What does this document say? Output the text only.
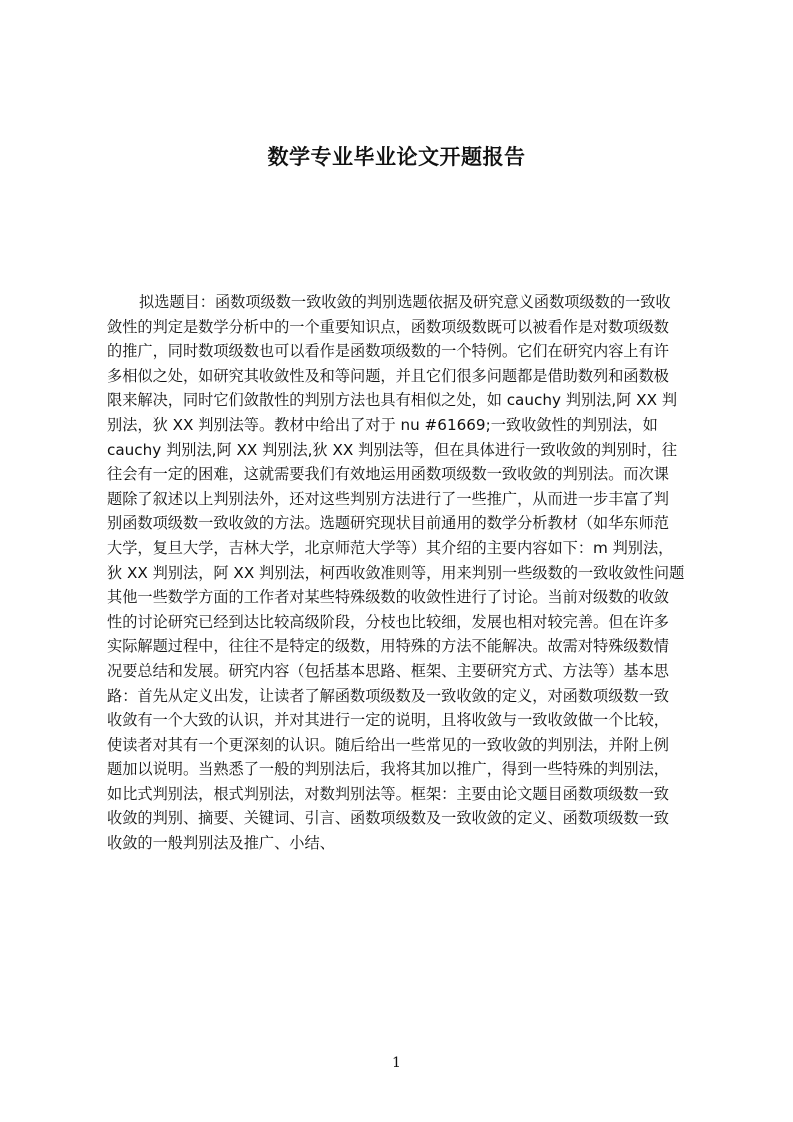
数学专业毕业论文开题报告
拟选题目：函数项级数一致收敛的判别选题依据及研究意义函数项级数的一致收
敛性的判定是数学分析中的一个重要知识点，函数项级数既可以被看作是对数项级数
的推广，同时数项级数也可以看作是函数项级数的一个特例。它们在研究内容上有许
多相似之处，如研究其收敛性及和等问题，并且它们很多问题都是借助数列和函数极
限来解决，同时它们敛散性的判别方法也具有相似之处，如 cauchy 判别法,阿 XX 判
别法，狄 XX 判别法等。教材中给出了对于 nu #61669;一致收敛性的判别法，如
cauchy 判别法,阿 XX 判别法,狄 XX 判别法等，但在具体进行一致收敛的判别时，往
往会有一定的困难，这就需要我们有效地运用函数项级数一致收敛的判别法。而次课
题除了叙述以上判别法外，还对这些判别方法进行了一些推广，从而进一步丰富了判
别函数项级数一致收敛的方法。选题研究现状目前通用的数学分析教材（如华东师范
大学，复旦大学，吉林大学，北京师范大学等）其介绍的主要内容如下：m 判别法，
狄 XX 判别法，阿 XX 判别法，柯西收敛准则等，用来判别一些级数的一致收敛性问题
其他一些数学方面的工作者对某些特殊级数的收敛性进行了讨论。当前对级数的收敛
性的讨论研究已经到达比较高级阶段，分枝也比较细，发展也相对较完善。但在许多
实际解题过程中，往往不是特定的级数，用特殊的方法不能解决。故需对特殊级数情
况要总结和发展。研究内容（包括基本思路、框架、主要研究方式、方法等）基本思
路：首先从定义出发，让读者了解函数项级数及一致收敛的定义，对函数项级数一致
收敛有一个大致的认识，并对其进行一定的说明，且将收敛与一致收敛做一个比较，
使读者对其有一个更深刻的认识。随后给出一些常见的一致收敛的判别法，并附上例
题加以说明。当熟悉了一般的判别法后，我将其加以推广，得到一些特殊的判别法，
如比式判别法，根式判别法，对数判别法等。框架：主要由论文题目函数项级数一致
收敛的判别、摘要、关键词、引言、函数项级数及一致收敛的定义、函数项级数一致
收敛的一般判别法及推广、小结、
1
